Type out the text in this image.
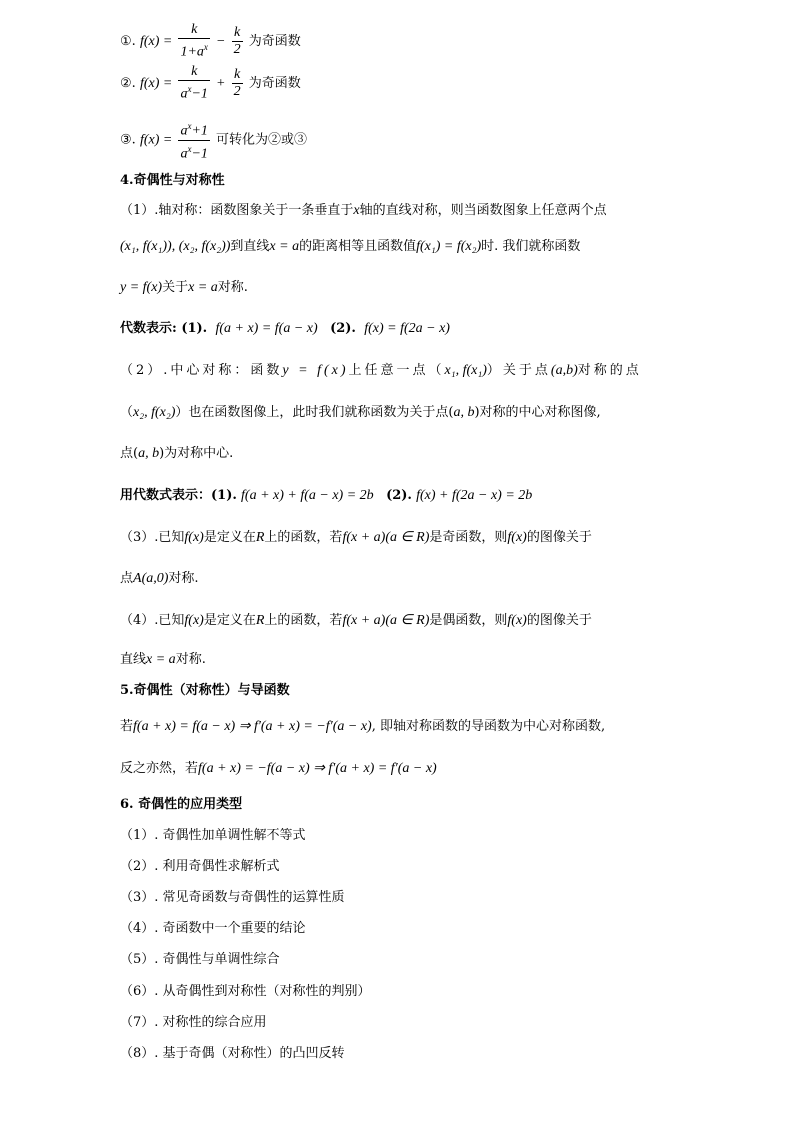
①. $f(x) = \frac{k}{1+a^x} - \frac{k}{2}$ 为奇函数
②. $f(x) = \frac{k}{a^x-1} + \frac{k}{2}$ 为奇函数
③. $f(x) = \frac{a^x+1}{a^x-1}$ 可转化为②或③
4.奇偶性与对称性
（1）.轴对称：函数图象关于一条垂直于x轴的直线对称，则当函数图象上任意两个点
(x₁, f(x₁)), (x₂, f(x₂))到直线x = a的距离相等且函数值f(x₁) = f(x₂)时. 我们就称函数
y = f(x)关于x = a对称.
代数表示: (1). f(a + x) = f(a − x) (2). f(x) = f(2a − x)
（2）.中心对称：函数y = f(x)上任意一点（x₁, f(x₁)）关于点(a,b)对称的点
（x₂, f(x₂)）也在函数图像上，此时我们就称函数为关于点(a, b)对称的中心对称图像,
点(a, b)为对称中心.
用代数式表示：(1). f(a + x) + f(a − x) = 2b (2). f(x) + f(2a − x) = 2b
（3）.已知f(x)是定义在R上的函数，若f(x + a)(a ∈ R)是奇函数，则f(x)的图像关于
点A(a,0)对称.
（4）.已知f(x)是定义在R上的函数，若f(x + a)(a ∈ R)是偶函数，则f(x)的图像关于
直线x = a对称.
5.奇偶性（对称性）与导函数
若f(a + x) = f(a − x) ⇒ f′(a + x) = −f′(a − x), 即轴对称函数的导函数为中心对称函数,
反之亦然，若f(a + x) = −f(a − x) ⇒ f′(a + x) = f′(a − x)
6. 奇偶性的应用类型
（1）. 奇偶性加单调性解不等式
（2）. 利用奇偶性求解析式
（3）. 常见奇函数与奇偶性的运算性质
（4）. 奇函数中一个重要的结论
（5）. 奇偶性与单调性综合
（6）. 从奇偶性到对称性（对称性的判别）
（7）. 对称性的综合应用
（8）. 基于奇偶（对称性）的凸凹反转
